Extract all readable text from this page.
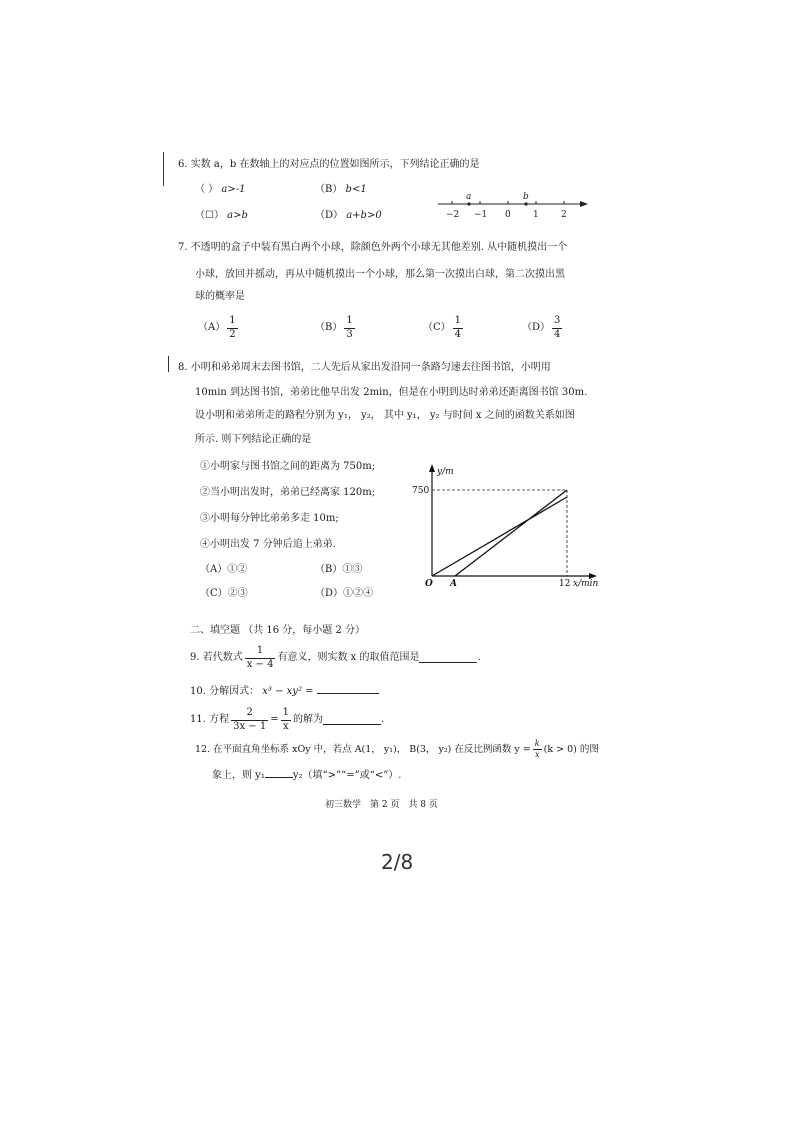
6. 实数 a，b 在数轴上的对应点的位置如图所示，下列结论正确的是
（ ） a>-1	（B） b<1
（☐） a>b	（D） a+b>0
a	b
−2 −1 0 1 2
7. 不透明的盒子中装有黑白两个小球，除颜色外两个小球无其他差别. 从中随机摸出一个
小球，放回并摇动，再从中随机摸出一个小球，那么第一次摸出白球，第二次摸出黑
球的概率是
$(A) \frac{1}{2}$	$(B) \frac{1}{3}$	$(C) \frac{1}{4}$	$(D) \frac{3}{4}$
8. 小明和弟弟周末去图书馆，二人先后从家出发沿同一条路匀速去往图书馆，小明用
10min 到达图书馆，弟弟比他早出发 2min，但是在小明到达时弟弟还距离图书馆 30m.
设小明和弟弟所走的路程分别为 y₁， y₂， 其中 y₁， y₂ 与时间 x 之间的函数关系如图
所示. 则下列结论正确的是
①小明家与图书馆之间的距离为 750m;
②当小明出发时，弟弟已经离家 120m;
③小明每分钟比弟弟多走 10m;
④小明出发 7 分钟后追上弟弟.
（A）①②	（B）①③
（C）②③	（D）①②④
y/m
x/min
750
12
O A
二、填空题 （共 16 分，每小题 2 分）
9. 若代数式 $\frac{1}{x - 4}$ 有意义，则实数 x 的取值范围是	.
10. 分解因式： x³ − xy² =
11. 方程 $\frac{2}{3x - 1} = \frac{1}{x}$ 的解为	.
12. 在平面直角坐标系 xOy 中，若点 A(1， y₁)， B(3， y₂) 在反比例函数 $y = \frac{k}{x} (k > 0)$ 的图
象上，则 y₁	y₂（填“>”“=”或“<”）.
初三数学　第 2 页　共 8 页
2/8
